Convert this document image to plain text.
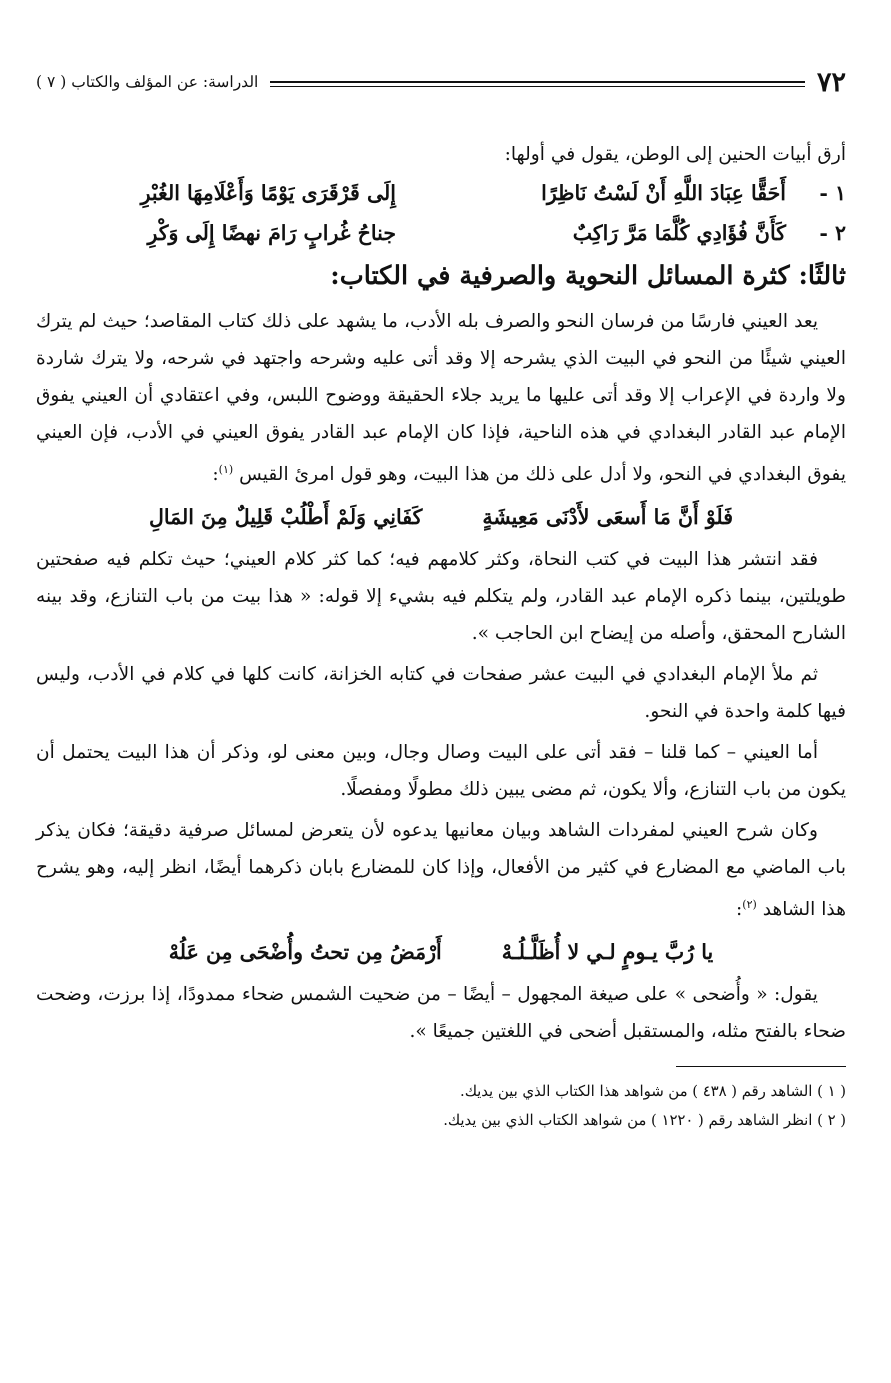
٧٢
الدراسة: عن المؤلف والكتاب ( ٧ )

أرق أبيات الحنين إلى الوطن، يقول في أولها:

١ -
أَحَقًّا عِبَادَ اللَّهِ أَنْ لَسْتُ نَاظِرًا
إِلَى قَرْقَرَى يَوْمًا وَأَعْلَامِهَا الغُبْرِ
٢ -
كَأَنَّ فُؤَادِي كُلَّمَا مَرَّ رَاكِبٌ
جناحُ غُرابٍ رَامَ نهضًا إِلَى وَكْرِ
ثالثًا: كثرة المسائل النحوية والصرفية في الكتاب:

يعد العيني فارسًا من فرسان النحو والصرف بله الأدب، ما يشهد على ذلك كتاب المقاصد؛ حيث لم يترك العيني شيئًا من النحو في البيت الذي يشرحه إلا وقد أتى عليه وشرحه واجتهد في شرحه، ولا يترك شاردة ولا واردة في الإعراب إلا وقد أتى عليها ما يريد جلاء الحقيقة ووضوح اللبس، وفي اعتقادي أن العيني يفوق الإمام عبد القادر البغدادي في هذه الناحية، فإذا كان الإمام عبد القادر يفوق العيني في الأدب، فإن العيني يفوق البغدادي في النحو، ولا أدل على ذلك من هذا البيت، وهو قول امرئ القيس $^{(١)}$:

فَلَوْ أَنَّ مَا أَسعَى لأَدْنَى مَعِيشَةٍ
كَفَانِي وَلَمْ أَطْلُبْ قَلِيلٌ مِنَ المَالِ

فقد انتشر هذا البيت في كتب النحاة، وكثر كلامهم فيه؛ كما كثر كلام العيني؛ حيث تكلم فيه صفحتين طويلتين، بينما ذكره الإمام عبد القادر، ولم يتكلم فيه بشيء إلا قوله: « هذا بيت من باب التنازع، وقد بينه الشارح المحقق، وأصله من إيضاح ابن الحاجب ».

ثم ملأ الإمام البغدادي في البيت عشر صفحات في كتابه الخزانة، كانت كلها في كلام في الأدب، وليس فيها كلمة واحدة في النحو.

أما العيني – كما قلنا – فقد أتى على البيت وصال وجال، وبين معنى لو، وذكر أن هذا البيت يحتمل أن يكون من باب التنازع، وألا يكون، ثم مضى يبين ذلك مطولًا ومفصلًا.

وكان شرح العيني لمفردات الشاهد وبيان معانيها يدعوه لأن يتعرض لمسائل صرفية دقيقة؛ فكان يذكر باب الماضي مع المضارع في كثير من الأفعال، وإذا كان للمضارع بابان ذكرهما أيضًا، انظر إليه، وهو يشرح هذا الشاهد $^{(٢)}$:

يا رُبَّ يـومٍ لـي لا أُظَلَّـلُـهْ
أَرْمَضُ مِن تحتُ وأُضْحَى مِن عَلُهْ

يقول: « وأُضحى » على صيغة المجهول – أيضًا – من ضحيت الشمس ضحاء ممدودًا، إذا برزت، وضحت ضحاء بالفتح مثله، والمستقبل أضحى في اللغتين جميعًا ».

( ١ ) الشاهد رقم ( ٤٣٨ ) من شواهد هذا الكتاب الذي بين يديك.

( ٢ ) انظر الشاهد رقم ( ١٢٢٠ ) من شواهد الكتاب الذي بين يديك.
